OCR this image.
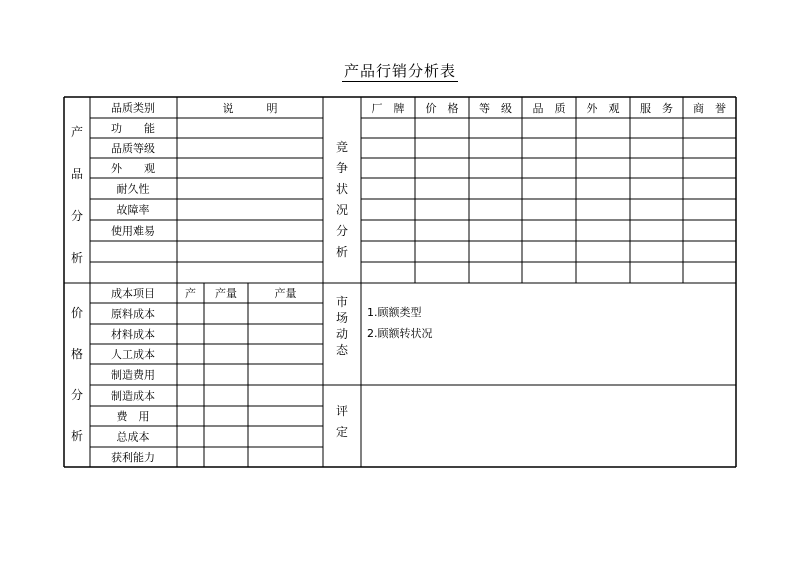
产品行销分析表
产
品
分
析
品质类别
功　　能
品质等级
外　　观
耐久性
故障率
使用难易
说　　　明
竞
争
状
况
分
析
厂　牌 价　格 等　级 品　质 外　观 服　务 商　誉
价
格
分
析
成本项目
原料成本
材料成本
人工成本
制造费用
制造成本
费　用
总成本
获利能力
产 产量	产量
市
场
动
态
1.顾额类型
2.顾额转状况
评
定
